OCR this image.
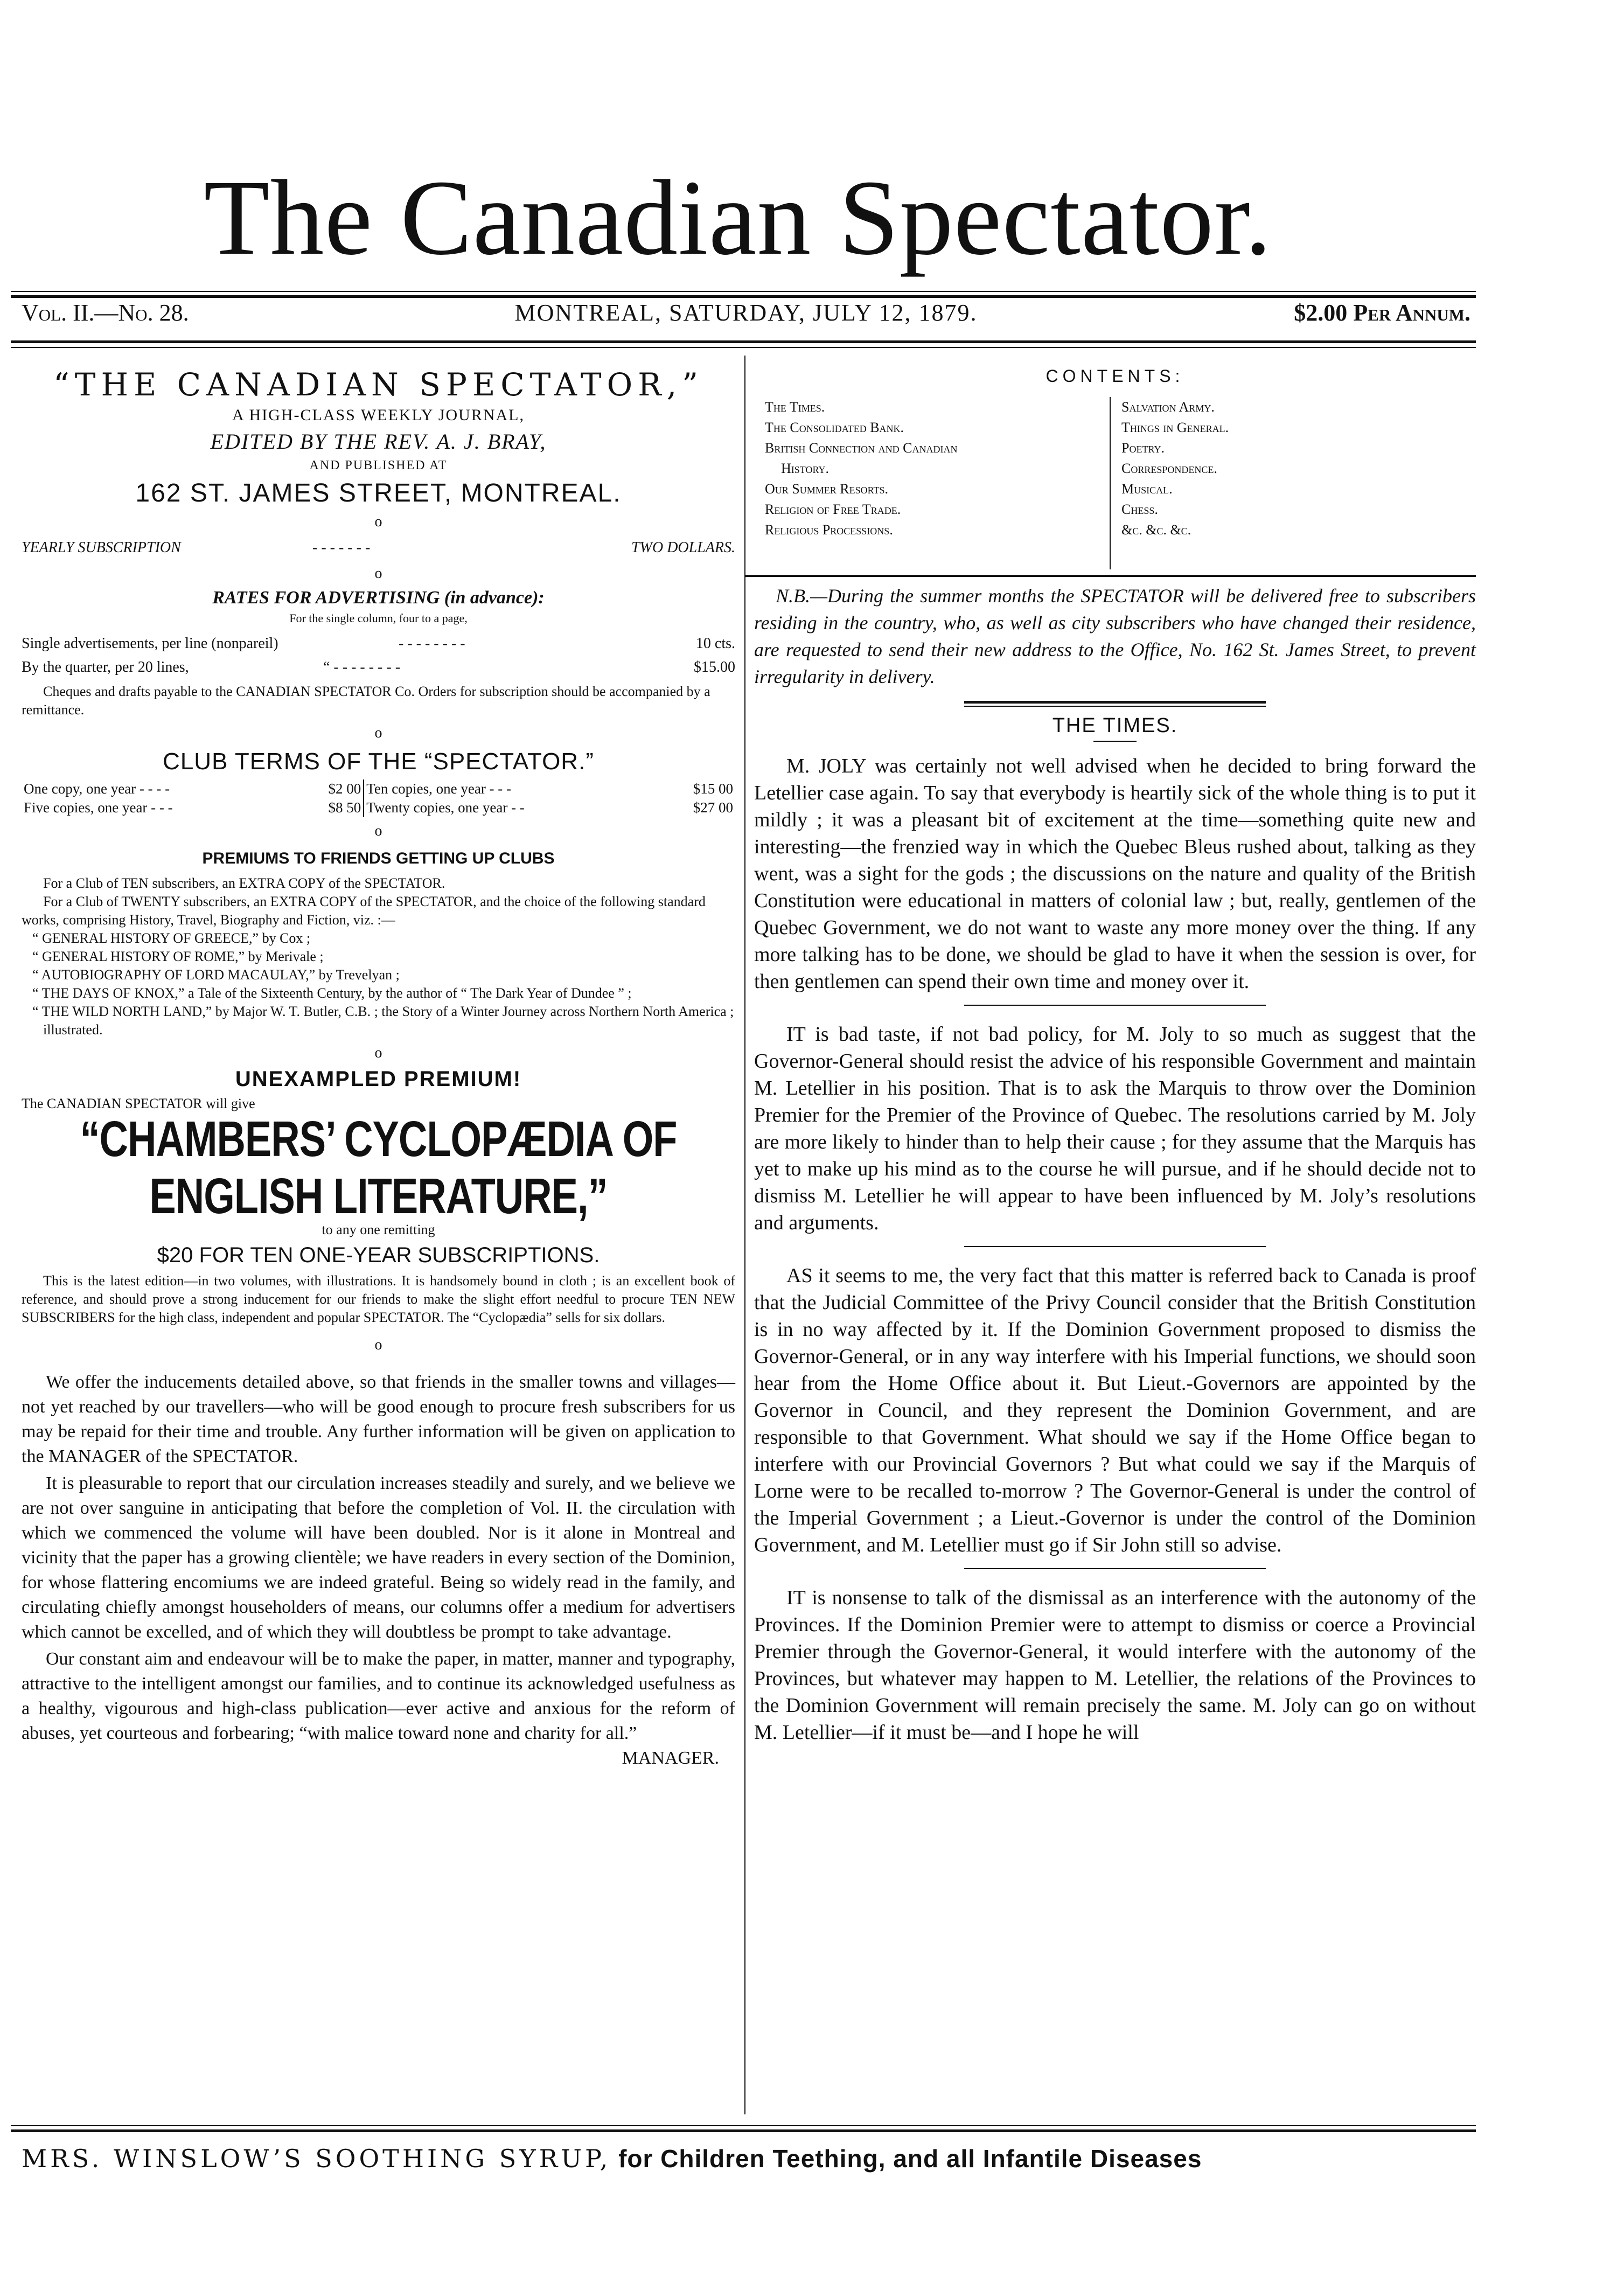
The Canadian Spectator.
Vol. II.—No. 28.	MONTREAL, SATURDAY, JULY 12, 1879.	$2.00 Per Annum.

“THE CANADIAN SPECTATOR,”

A HIGH-CLASS WEEKLY JOURNAL,

EDITED BY THE REV. A. J. BRAY,

AND PUBLISHED AT

162 ST. JAMES STREET, MONTREAL.

o

YEARLY SUBSCRIPTION	- - - - - - -	TWO DOLLARS.

o

RATES FOR ADVERTISING (in advance):

For the single column, four to a page,

Single advertisements, per line (nonpareil)	- - - - - - - -	10 cts.
By the quarter, per 20 lines,	“ - - - - - - - -	$15.00

Cheques and drafts payable to the CANADIAN SPECTATOR Co. Orders for subscription should be accompanied by a remittance.

o

CLUB TERMS OF THE “SPECTATOR.”

One copy, one year - - - -	$2 00	Ten copies, one year - - -	$15 00
Five copies, one year - - -	$8 50	Twenty copies, one year - -	$27 00

o

PREMIUMS TO FRIENDS GETTING UP CLUBS

For a Club of TEN subscribers, an EXTRA COPY of the SPECTATOR.

For a Club of TWENTY subscribers, an EXTRA COPY of the SPECTATOR, and the choice of the following standard works, comprising History, Travel, Biography and Fiction, viz. :—

“ GENERAL HISTORY OF GREECE,” by Cox ;
“ GENERAL HISTORY OF ROME,” by Merivale ;
“ AUTOBIOGRAPHY OF LORD MACAULAY,” by Trevelyan ;
“ THE DAYS OF KNOX,” a Tale of the Sixteenth Century, by the author of “ The Dark Year of Dundee ” ;
“ THE WILD NORTH LAND,” by Major W. T. Butler, C.B. ; the Story of a Winter Journey across Northern North America ; illustrated.

o

UNEXAMPLED PREMIUM!

The CANADIAN SPECTATOR will give

“CHAMBERS’ CYCLOPÆDIA OF ENGLISH LITERATURE,”

to any one remitting

$20 FOR TEN ONE-YEAR SUBSCRIPTIONS.

This is the latest edition—in two volumes, with illustrations. It is handsomely bound in cloth ; is an excellent book of reference, and should prove a strong inducement for our friends to make the slight effort needful to procure TEN NEW SUBSCRIBERS for the high class, independent and popular SPECTATOR. The “Cyclopædia” sells for six dollars.

o

We offer the inducements detailed above, so that friends in the smaller towns and villages—not yet reached by our travellers—who will be good enough to procure fresh subscribers for us may be repaid for their time and trouble. Any further information will be given on application to the MANAGER of the SPECTATOR.

It is pleasurable to report that our circulation increases steadily and surely, and we believe we are not over sanguine in anticipating that before the completion of Vol. II. the circulation with which we commenced the volume will have been doubled. Nor is it alone in Montreal and vicinity that the paper has a growing clientèle; we have readers in every section of the Dominion, for whose flattering encomiums we are indeed grateful. Being so widely read in the family, and circulating chiefly amongst householders of means, our columns offer a medium for advertisers which cannot be excelled, and of which they will doubtless be prompt to take advantage.

Our constant aim and endeavour will be to make the paper, in matter, manner and typography, attractive to the intelligent amongst our families, and to continue its acknowledged usefulness as a healthy, vigourous and high-class publication—ever active and anxious for the reform of abuses, yet courteous and forbearing; “with malice toward none and charity for all.”

MANAGER.

CONTENTS:

The Times.
The Consolidated Bank.
British Connection and Canadian
History.
Our Summer Resorts.
Religion of Free Trade.
Religious Processions.
Salvation Army.
Things in General.
Poetry.
Correspondence.
Musical.
Chess.
&c. &c. &c.

N.B.—During the summer months the SPECTATOR will be delivered free to subscribers residing in the country, who, as well as city subscribers who have changed their residence, are requested to send their new address to the Office, No. 162 St. James Street, to prevent irregularity in delivery.

THE TIMES.

M. JOLY was certainly not well advised when he decided to bring forward the Letellier case again. To say that everybody is heartily sick of the whole thing is to put it mildly ; it was a pleasant bit of excitement at the time—something quite new and interesting—the frenzied way in which the Quebec Bleus rushed about, talking as they went, was a sight for the gods ; the discussions on the nature and quality of the British Constitution were educational in matters of colonial law ; but, really, gentlemen of the Quebec Government, we do not want to waste any more money over the thing. If any more talking has to be done, we should be glad to have it when the session is over, for then gentlemen can spend their own time and money over it.

IT is bad taste, if not bad policy, for M. Joly to so much as suggest that the Governor-General should resist the advice of his responsible Government and maintain M. Letellier in his position. That is to ask the Marquis to throw over the Dominion Premier for the Premier of the Province of Quebec. The resolutions carried by M. Joly are more likely to hinder than to help their cause ; for they assume that the Marquis has yet to make up his mind as to the course he will pursue, and if he should decide not to dismiss M. Letellier he will appear to have been influenced by M. Joly’s resolutions and arguments.

AS it seems to me, the very fact that this matter is referred back to Canada is proof that the Judicial Committee of the Privy Council consider that the British Constitution is in no way affected by it. If the Dominion Government proposed to dismiss the Governor-General, or in any way interfere with his Imperial functions, we should soon hear from the Home Office about it. But Lieut.-Governors are appointed by the Governor in Council, and they represent the Dominion Government, and are responsible to that Government. What should we say if the Home Office began to interfere with our Provincial Governors ? But what could we say if the Marquis of Lorne were to be recalled to-morrow ? The Governor-General is under the control of the Imperial Government ; a Lieut.-Governor is under the control of the Dominion Government, and M. Letellier must go if Sir John still so advise.

IT is nonsense to talk of the dismissal as an interference with the autonomy of the Provinces. If the Dominion Premier were to attempt to dismiss or coerce a Provincial Premier through the Governor-General, it would interfere with the autonomy of the Provinces, but whatever may happen to M. Letellier, the relations of the Provinces to the Dominion Government will remain precisely the same. M. Joly can go on without M. Letellier—if it must be—and I hope he will

MRS. WINSLOW’S SOOTHING SYRUP, for Children Teething, and all Infantile Diseases
